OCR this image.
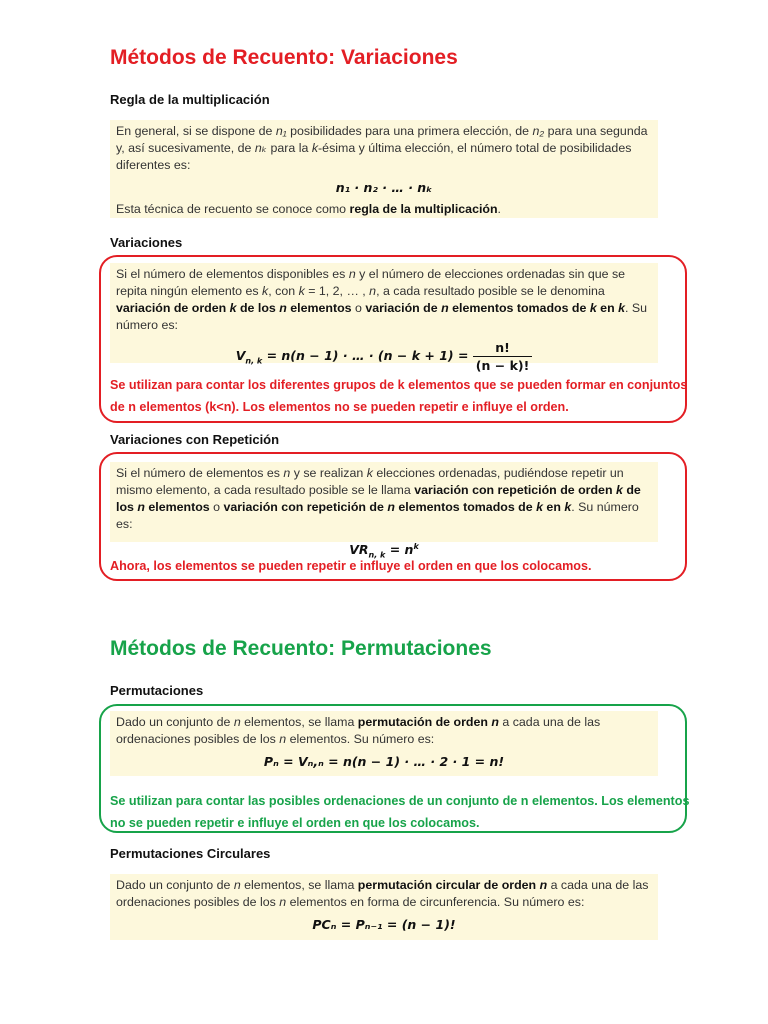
Métodos de Recuento: Variaciones
Regla de la multiplicación
En general, si se dispone de n₁ posibilidades para una primera elección, de n₂ para una segunda y, así sucesivamente, de nₖ para la k-ésima y última elección, el número total de posibilidades diferentes es:
n₁ · n₂ · … · nₖ
Esta técnica de recuento se conoce como regla de la multiplicación.
Variaciones
Si el número de elementos disponibles es n y el número de elecciones ordenadas sin que se repita ningún elemento es k, con k = 1, 2, … , n, a cada resultado posible se le denomina variación de orden k de los n elementos o variación de n elementos tomados de k en k. Su número es:
$V_{n, k} = n(n - 1)$ · … · $(n - k + 1) = \frac{n!}{(n - k)!}$
Se utilizan para contar los diferentes grupos de k elementos que se pueden formar en conjuntos de n elementos (k<n). Los elementos no se pueden repetir e influye el orden.
Variaciones con Repetición
Si el número de elementos es n y se realizan k elecciones ordenadas, pudiéndose repetir un mismo elemento, a cada resultado posible se le llama variación con repetición de orden k de los n elementos o variación con repetición de n elementos tomados de k en k. Su número es:
$VR_{n, k} = n^k$
Ahora, los elementos se pueden repetir e influye el orden en que los colocamos.
Métodos de Recuento: Permutaciones
Permutaciones
Dado un conjunto de n elementos, se llama permutación de orden n a cada una de las ordenaciones posibles de los n elementos. Su número es:
Pₙ = Vₙ,ₙ = n(n − 1) · … · 2 · 1 = n!
Se utilizan para contar las posibles ordenaciones de un conjunto de n elementos. Los elementos no se pueden repetir e influye el orden en que los colocamos.
Permutaciones Circulares
Dado un conjunto de n elementos, se llama permutación circular de orden n a cada una de las ordenaciones posibles de los n elementos en forma de circunferencia. Su número es:
PCₙ = Pₙ₋₁ = (n − 1)!
